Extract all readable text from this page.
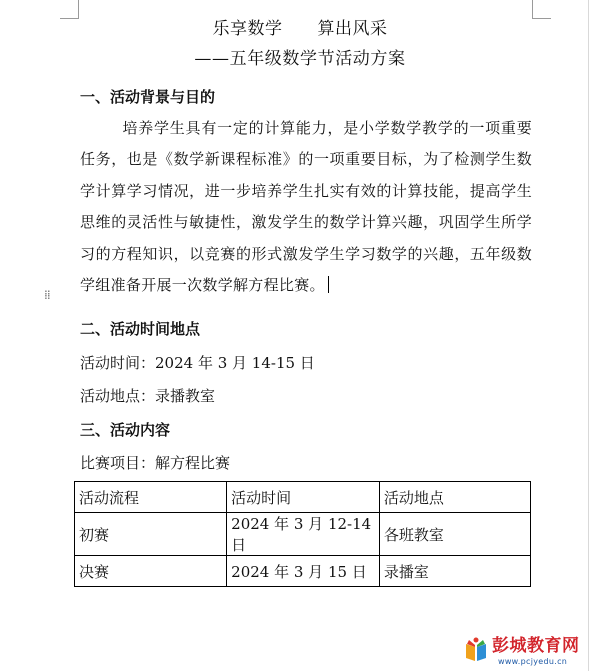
乐享数学　　算出风采
——五年级数学节活动方案
一、活动背景与目的
培养学生具有一定的计算能力，是小学数学教学的一项重要任务，也是《数学新课程标准》的一项重要目标，为了检测学生数学计算学习情况，进一步培养学生扎实有效的计算技能，提高学生思维的灵活性与敏捷性，激发学生的数学计算兴趣，巩固学生所学习的方程知识，以竞赛的形式激发学生学习数学的兴趣，五年级数学组准备开展一次数学解方程比赛。
⁞⁞
二、活动时间地点
活动时间：2024 年 3 月 14-15 日
活动地点：录播教室
三、活动内容
比赛项目：解方程比赛
活动流程	活动时间	活动地点
初赛	2024 年 3 月 12-14 日	各班教室
决赛	2024 年 3 月 15 日	录播室
彭城教育网
www.pcjyedu.cn
